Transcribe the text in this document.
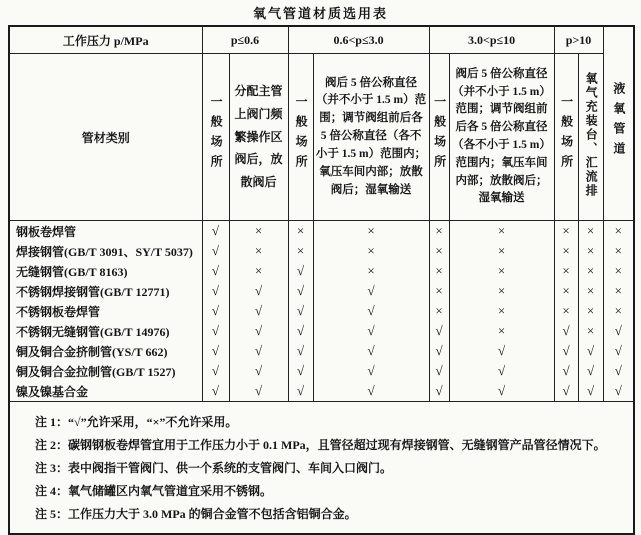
氧气管道材质选用表
工作压力 p/MPa	p≤0.6		0.6<p≤3.0		3.0<p≤10		p>10		液氧管道
管材类别	一般场所	分配主管上阀门频繁操作区阀后，放散阀后	一般场所	阀后 5 倍公称直径（并不小于 1.5 m）范围；调节阀组前后各 5 倍公称直径（各不小于 1.5 m）范围内；氧压车间内部；放散阀后；湿氧输送	一般场所	阀后 5 倍公称直径（并不小于 1.5 m）范围；调节阀组前后各 5 倍公称直径（各不小于 1.5 m）范围内；氧压车间内部；放散阀后；湿氧输送	一般场所	氧气充装台、汇流排	
钢板卷焊管	√	×	×	×	×	×	×	×	×
焊接钢管(GB/T 3091、SY/T 5037)	√	×	×	×	×	×	×	×	×
无缝钢管(GB/T 8163)	√	×	√	×	×	×	×	×	×
不锈钢焊接钢管(GB/T 12771)	√	√	√	√	×	×	×	×	×
不锈钢板卷焊管	√	√	√	√	×	×	×	×	×
不锈钢无缝钢管(GB/T 14976)	√	√	√	√	√	×	√	×	√
铜及铜合金挤制管(YS/T 662)	√	√	√	√	√	√	√	√	√
铜及铜合金拉制管(GB/T 1527)	√	√	√	√	√	√	√	√	√
镍及镍基合金	√	√	√	√	√	√	√	√	√

注 1：“√”允许采用，“×”不允许采用。
注 2：碳钢钢板卷焊管宜用于工作压力小于 0.1 MPa，且管径超过现有焊接钢管、无缝钢管产品管径情况下。
注 3：表中阀指干管阀门、供一个系统的支管阀门、车间入口阀门。
注 4：氧气储罐区内氧气管道宜采用不锈钢。
注 5：工作压力大于 3.0 MPa 的铜合金管不包括含铝铜合金。									
